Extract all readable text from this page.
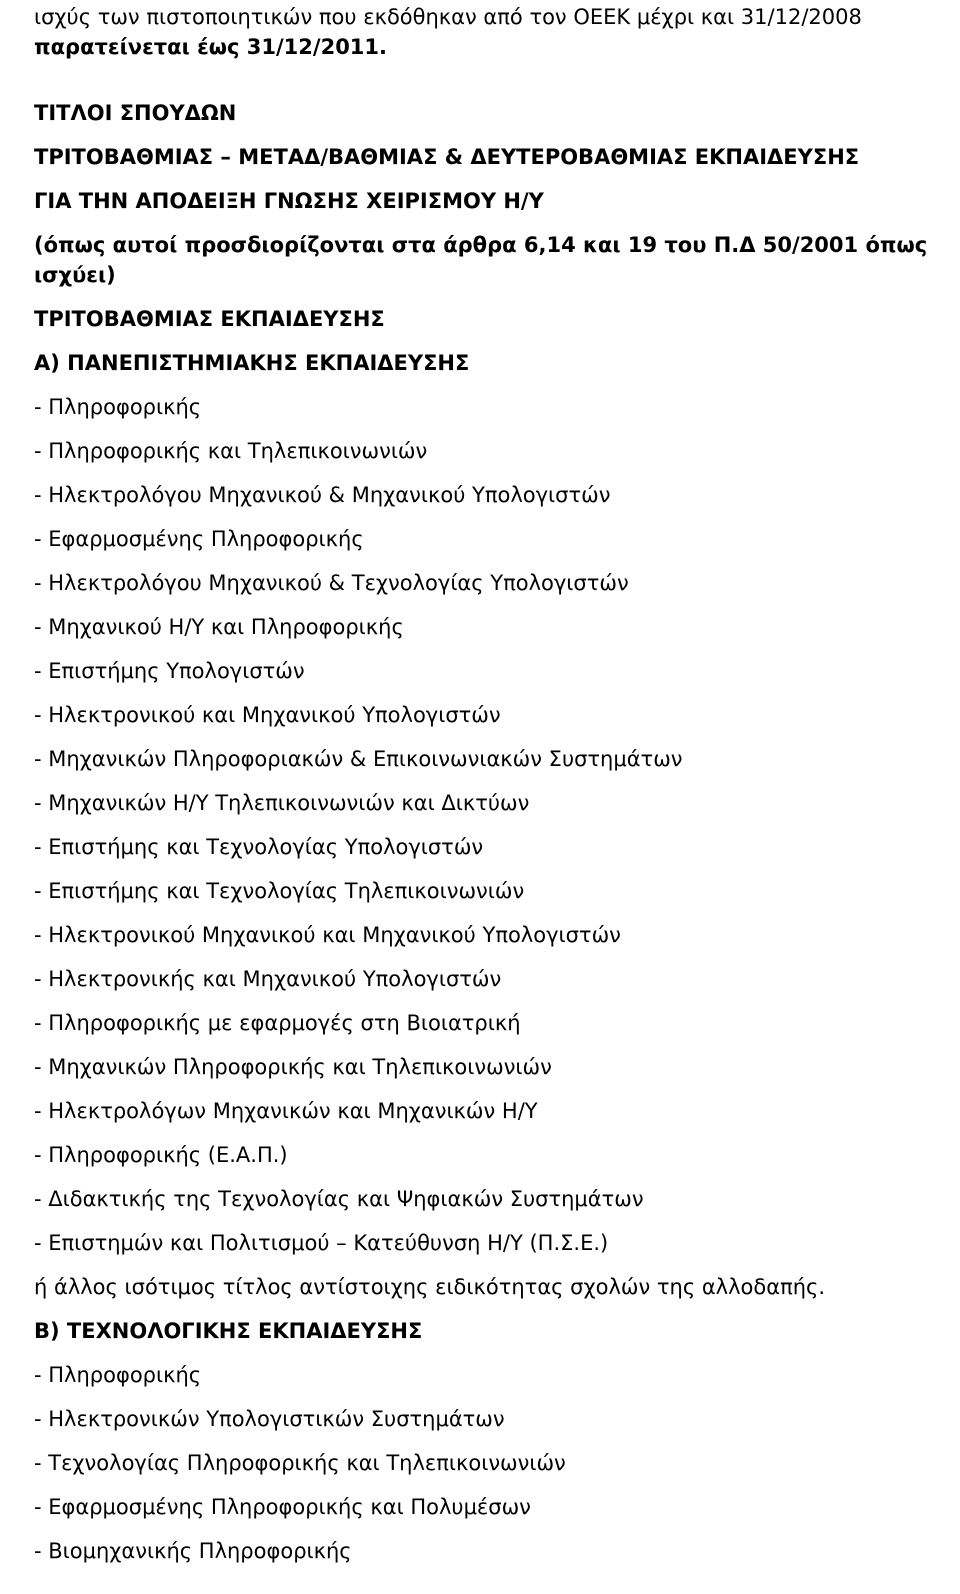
ισχύς των πιστοποιητικών που εκδόθηκαν από τον ΟΕΕΚ μέχρι και 31/12/2008

παρατείνεται έως 31/12/2011.

ΤΙΤΛΟΙ ΣΠΟΥΔΩΝ

ΤΡΙΤΟΒΑΘΜΙΑΣ – ΜΕΤΑΔ/ΒΑΘΜΙΑΣ & ΔΕΥΤΕΡΟΒΑΘΜΙΑΣ ΕΚΠΑΙΔΕΥΣΗΣ

ΓΙΑ ΤΗΝ ΑΠΟΔΕΙΞΗ ΓΝΩΣΗΣ ΧΕΙΡΙΣΜΟΥ Η/Υ

(όπως αυτοί προσδιορίζονται στα άρθρα 6,14 και 19 του Π.Δ 50/2001 όπως ισχύει)

ΤΡΙΤΟΒΑΘΜΙΑΣ ΕΚΠΑΙΔΕΥΣΗΣ

Α) ΠΑΝΕΠΙΣΤΗΜΙΑΚΗΣ ΕΚΠΑΙΔΕΥΣΗΣ

- Πληροφορικής

- Πληροφορικής και Τηλεπικοινωνιών

- Ηλεκτρολόγου Μηχανικού & Μηχανικού Υπολογιστών

- Εφαρμοσμένης Πληροφορικής

- Ηλεκτρολόγου Μηχανικού & Τεχνολογίας Υπολογιστών

- Μηχανικού Η/Υ και Πληροφορικής

- Επιστήμης Υπολογιστών

- Ηλεκτρονικού και Μηχανικού Υπολογιστών

- Μηχανικών Πληροφοριακών & Επικοινωνιακών Συστημάτων

- Μηχανικών Η/Υ Τηλεπικοινωνιών και Δικτύων

- Επιστήμης και Τεχνολογίας Υπολογιστών

- Επιστήμης και Τεχνολογίας Τηλεπικοινωνιών

- Ηλεκτρονικού Μηχανικού και Μηχανικού Υπολογιστών

- Ηλεκτρονικής και Μηχανικού Υπολογιστών

- Πληροφορικής με εφαρμογές στη Βιοιατρική

- Μηχανικών Πληροφορικής και Τηλεπικοινωνιών

- Ηλεκτρολόγων Μηχανικών και Μηχανικών Η/Υ

- Πληροφορικής (Ε.Α.Π.)

- Διδακτικής της Τεχνολογίας και Ψηφιακών Συστημάτων

- Επιστημών και Πολιτισμού – Κατεύθυνση Η/Υ (Π.Σ.Ε.)

ή άλλος ισότιμος τίτλος αντίστοιχης ειδικότητας σχολών της αλλοδαπής.

Β) ΤΕΧΝΟΛΟΓΙΚΗΣ ΕΚΠΑΙΔΕΥΣΗΣ

- Πληροφορικής

- Ηλεκτρονικών Υπολογιστικών Συστημάτων

- Τεχνολογίας Πληροφορικής και Τηλεπικοινωνιών

- Εφαρμοσμένης Πληροφορικής και Πολυμέσων

- Βιομηχανικής Πληροφορικής
